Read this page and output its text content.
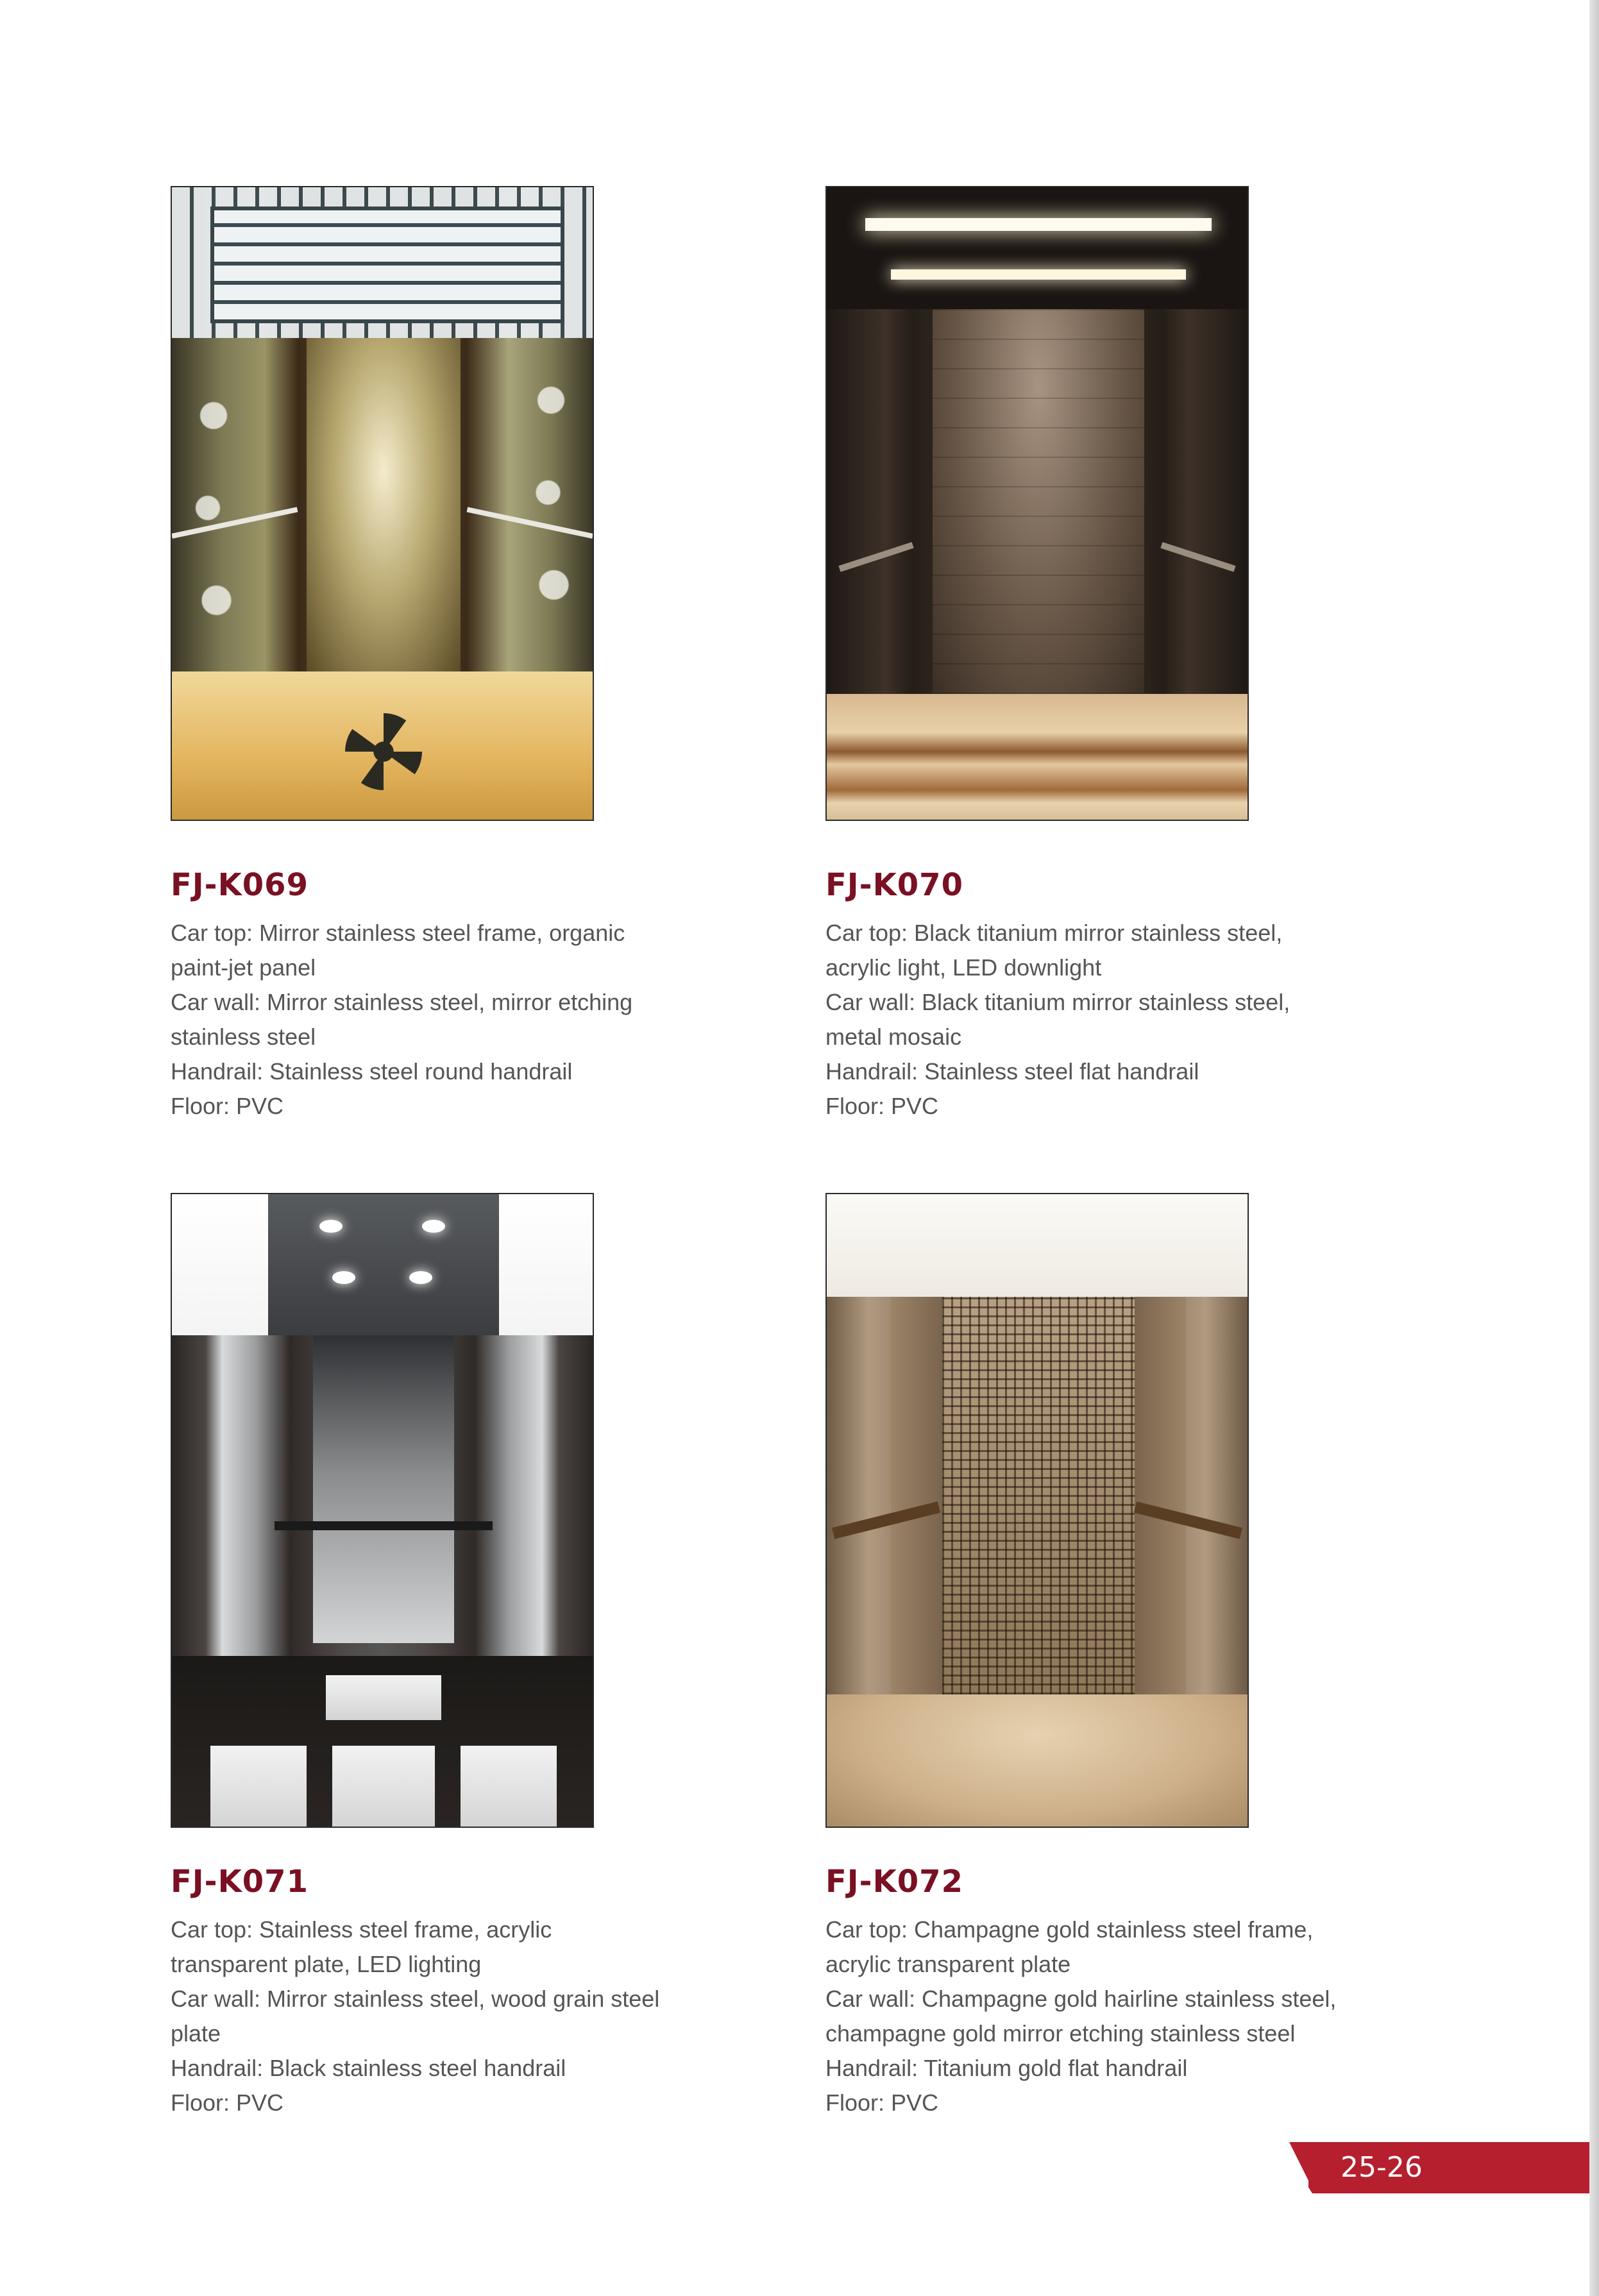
FJ-K069
Car top: Mirror stainless steel frame, organic
paint-jet panel
Car wall: Mirror stainless steel, mirror etching
stainless steel
Handrail: Stainless steel round handrail
Floor: PVC
FJ-K070
Car top: Black titanium mirror stainless steel,
acrylic light, LED downlight
Car wall: Black titanium mirror stainless steel,
metal mosaic
Handrail: Stainless steel flat handrail
Floor: PVC
FJ-K071
Car top: Stainless steel frame, acrylic
transparent plate, LED lighting
Car wall: Mirror stainless steel, wood grain steel
plate
Handrail: Black stainless steel handrail
Floor: PVC
FJ-K072
Car top: Champagne gold stainless steel frame,
acrylic transparent plate
Car wall: Champagne gold hairline stainless steel,
champagne gold mirror etching stainless steel
Handrail: Titanium gold flat handrail
Floor: PVC
25-26
